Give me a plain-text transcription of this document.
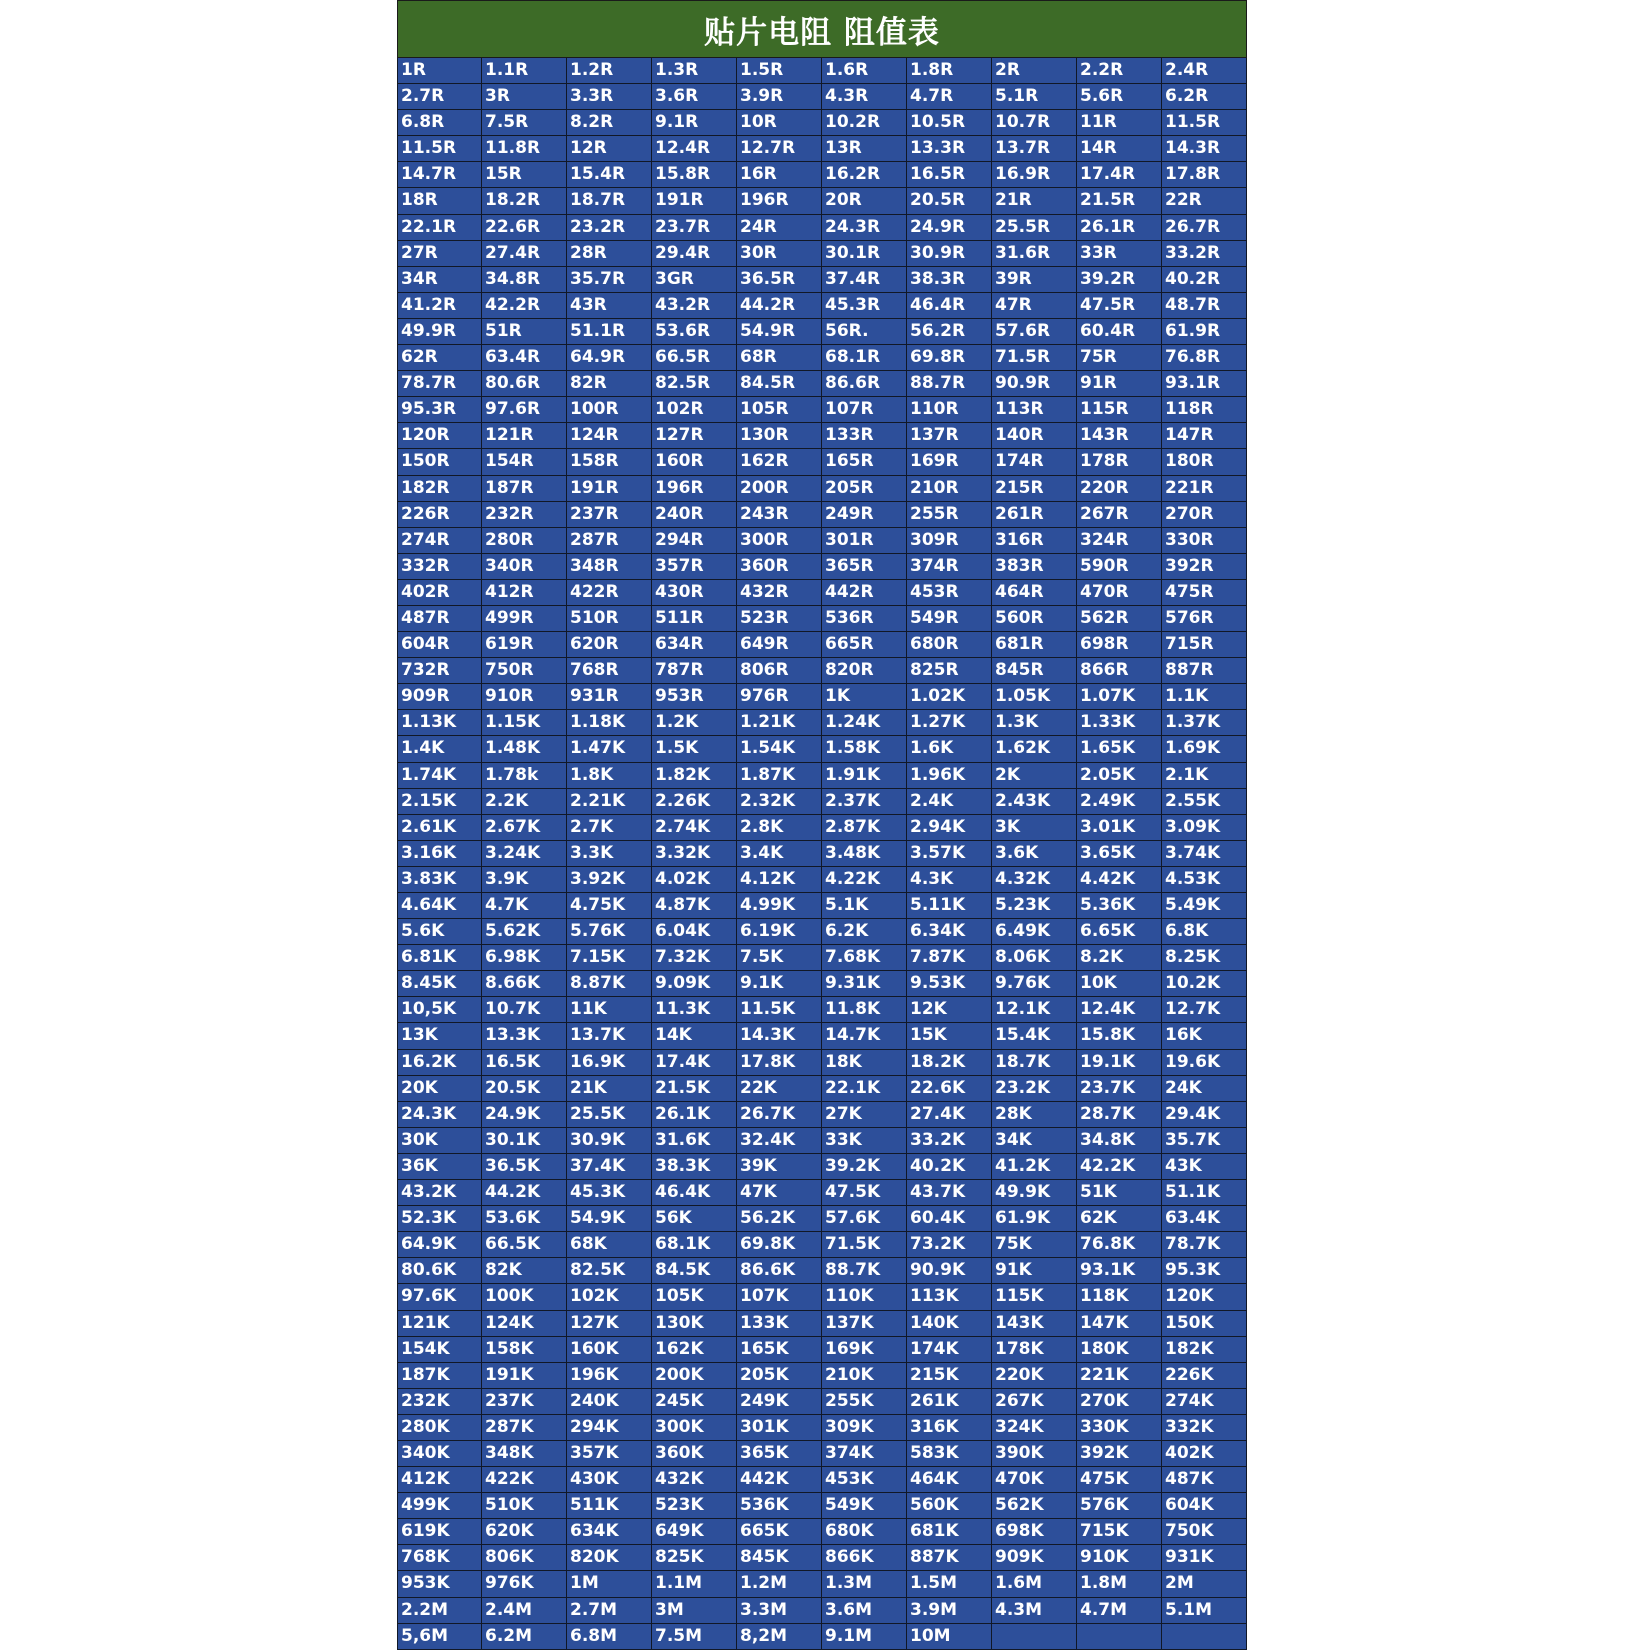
贴片电阻 阻值表
1R	1.1R	1.2R	1.3R	1.5R	1.6R	1.8R	2R	2.2R	2.4R
2.7R	3R	3.3R	3.6R	3.9R	4.3R	4.7R	5.1R	5.6R	6.2R
6.8R	7.5R	8.2R	9.1R	10R	10.2R	10.5R	10.7R	11R	11.5R
11.5R	11.8R	12R	12.4R	12.7R	13R	13.3R	13.7R	14R	14.3R
14.7R	15R	15.4R	15.8R	16R	16.2R	16.5R	16.9R	17.4R	17.8R
18R	18.2R	18.7R	191R	196R	20R	20.5R	21R	21.5R	22R
22.1R	22.6R	23.2R	23.7R	24R	24.3R	24.9R	25.5R	26.1R	26.7R
27R	27.4R	28R	29.4R	30R	30.1R	30.9R	31.6R	33R	33.2R
34R	34.8R	35.7R	3GR	36.5R	37.4R	38.3R	39R	39.2R	40.2R
41.2R	42.2R	43R	43.2R	44.2R	45.3R	46.4R	47R	47.5R	48.7R
49.9R	51R	51.1R	53.6R	54.9R	56R.	56.2R	57.6R	60.4R	61.9R
62R	63.4R	64.9R	66.5R	68R	68.1R	69.8R	71.5R	75R	76.8R
78.7R	80.6R	82R	82.5R	84.5R	86.6R	88.7R	90.9R	91R	93.1R
95.3R	97.6R	100R	102R	105R	107R	110R	113R	115R	118R
120R	121R	124R	127R	130R	133R	137R	140R	143R	147R
150R	154R	158R	160R	162R	165R	169R	174R	178R	180R
182R	187R	191R	196R	200R	205R	210R	215R	220R	221R
226R	232R	237R	240R	243R	249R	255R	261R	267R	270R
274R	280R	287R	294R	300R	301R	309R	316R	324R	330R
332R	340R	348R	357R	360R	365R	374R	383R	590R	392R
402R	412R	422R	430R	432R	442R	453R	464R	470R	475R
487R	499R	510R	511R	523R	536R	549R	560R	562R	576R
604R	619R	620R	634R	649R	665R	680R	681R	698R	715R
732R	750R	768R	787R	806R	820R	825R	845R	866R	887R
909R	910R	931R	953R	976R	1K	1.02K	1.05K	1.07K	1.1K
1.13K	1.15K	1.18K	1.2K	1.21K	1.24K	1.27K	1.3K	1.33K	1.37K
1.4K	1.48K	1.47K	1.5K	1.54K	1.58K	1.6K	1.62K	1.65K	1.69K
1.74K	1.78k	1.8K	1.82K	1.87K	1.91K	1.96K	2K	2.05K	2.1K
2.15K	2.2K	2.21K	2.26K	2.32K	2.37K	2.4K	2.43K	2.49K	2.55K
2.61K	2.67K	2.7K	2.74K	2.8K	2.87K	2.94K	3K	3.01K	3.09K
3.16K	3.24K	3.3K	3.32K	3.4K	3.48K	3.57K	3.6K	3.65K	3.74K
3.83K	3.9K	3.92K	4.02K	4.12K	4.22K	4.3K	4.32K	4.42K	4.53K
4.64K	4.7K	4.75K	4.87K	4.99K	5.1K	5.11K	5.23K	5.36K	5.49K
5.6K	5.62K	5.76K	6.04K	6.19K	6.2K	6.34K	6.49K	6.65K	6.8K
6.81K	6.98K	7.15K	7.32K	7.5K	7.68K	7.87K	8.06K	8.2K	8.25K
8.45K	8.66K	8.87K	9.09K	9.1K	9.31K	9.53K	9.76K	10K	10.2K
10,5K	10.7K	11K	11.3K	11.5K	11.8K	12K	12.1K	12.4K	12.7K
13K	13.3K	13.7K	14K	14.3K	14.7K	15K	15.4K	15.8K	16K
16.2K	16.5K	16.9K	17.4K	17.8K	18K	18.2K	18.7K	19.1K	19.6K
20K	20.5K	21K	21.5K	22K	22.1K	22.6K	23.2K	23.7K	24K
24.3K	24.9K	25.5K	26.1K	26.7K	27K	27.4K	28K	28.7K	29.4K
30K	30.1K	30.9K	31.6K	32.4K	33K	33.2K	34K	34.8K	35.7K
36K	36.5K	37.4K	38.3K	39K	39.2K	40.2K	41.2K	42.2K	43K
43.2K	44.2K	45.3K	46.4K	47K	47.5K	43.7K	49.9K	51K	51.1K
52.3K	53.6K	54.9K	56K	56.2K	57.6K	60.4K	61.9K	62K	63.4K
64.9K	66.5K	68K	68.1K	69.8K	71.5K	73.2K	75K	76.8K	78.7K
80.6K	82K	82.5K	84.5K	86.6K	88.7K	90.9K	91K	93.1K	95.3K
97.6K	100K	102K	105K	107K	110K	113K	115K	118K	120K
121K	124K	127K	130K	133K	137K	140K	143K	147K	150K
154K	158K	160K	162K	165K	169K	174K	178K	180K	182K
187K	191K	196K	200K	205K	210K	215K	220K	221K	226K
232K	237K	240K	245K	249K	255K	261K	267K	270K	274K
280K	287K	294K	300K	301K	309K	316K	324K	330K	332K
340K	348K	357K	360K	365K	374K	583K	390K	392K	402K
412K	422K	430K	432K	442K	453K	464K	470K	475K	487K
499K	510K	511K	523K	536K	549K	560K	562K	576K	604K
619K	620K	634K	649K	665K	680K	681K	698K	715K	750K
768K	806K	820K	825K	845K	866K	887K	909K	910K	931K
953K	976K	1M	1.1M	1.2M	1.3M	1.5M	1.6M	1.8M	2M
2.2M	2.4M	2.7M	3M	3.3M	3.6M	3.9M	4.3M	4.7M	5.1M
5,6M	6.2M	6.8M	7.5M	8,2M	9.1M	10M
